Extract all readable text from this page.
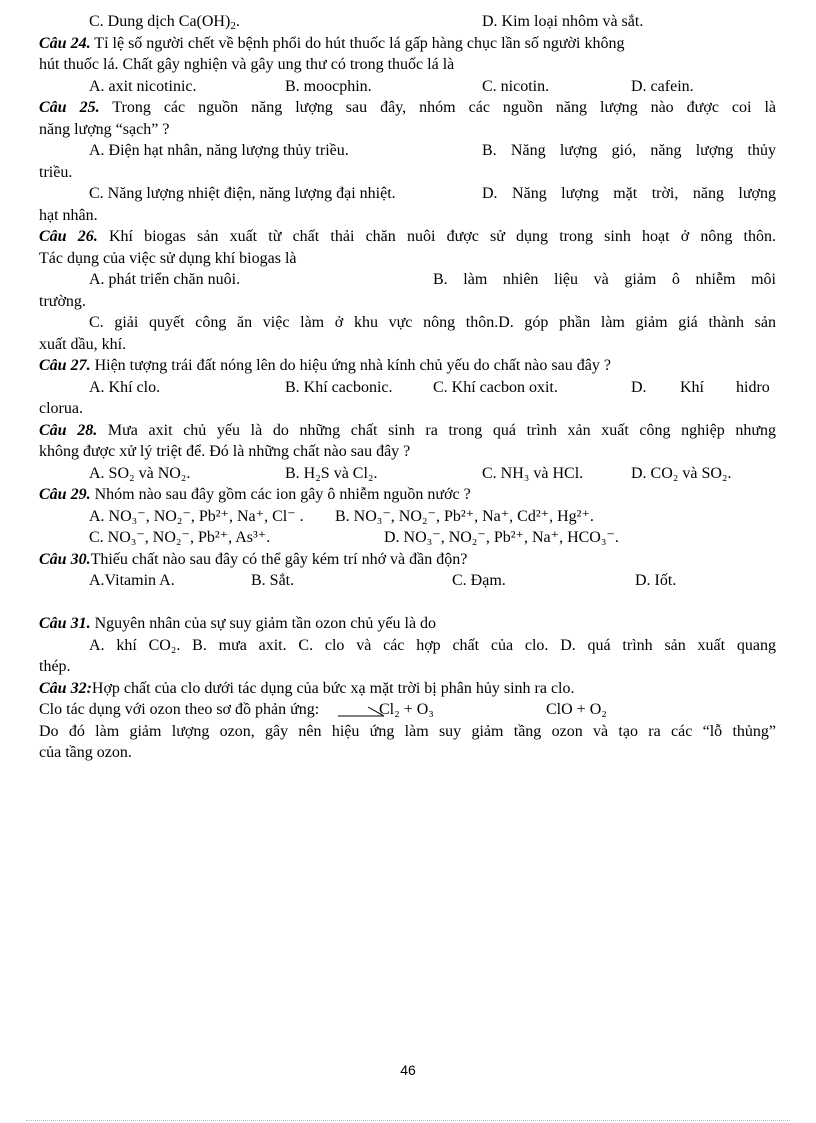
C. Dung dịch $Ca(OH)_2$.	D. Kim loại nhôm và sắt.
Câu 24. Tỉ lệ số người chết về bệnh phổi do hút thuốc lá gấp hàng chục lần số người không
hút thuốc lá. Chất gây nghiện và gây ung thư có trong thuốc lá là
A. axit nicotinic.	B. moocphin.	C. nicotin.	D. cafein.
Câu 25. Trong các nguồn năng lượng sau đây, nhóm các nguồn năng lượng nào được coi là
năng lượng “sạch” ?
A. Điện hạt nhân, năng lượng thủy triều.	B. Năng lượng gió, năng lượng thủy
triều.
C. Năng lượng nhiệt điện, năng lượng đại nhiệt.	D. Năng lượng mặt trời, năng lượng
hạt nhân.
Câu 26. Khí biogas sản xuất từ chất thải chăn nuôi được sử dụng trong sinh hoạt ở nông thôn.
Tác dụng của việc sử dụng khí biogas là
A. phát triển chăn nuôi.	B. làm nhiên liệu và giảm ô nhiễm môi
trường.
C. giải quyết công ăn việc làm ở khu vực nông thôn.D. góp phần làm giảm giá thành sản
xuất dầu, khí.
Câu 27. Hiện tượng trái đất nóng lên do hiệu ứng nhà kính chủ yếu do chất nào sau đây ?
A. Khí clo.	B. Khí cacbonic.	C. Khí cacbon oxit.	D. Khí hidro
clorua.
Câu 28. Mưa axit chủ yếu là do những chất sinh ra trong quá trình xản xuất công nghiệp nhưng
không được xử lý triệt để. Đó là những chất nào sau đây ?
A. SO₂ và NO₂.	B. H₂S và Cl₂.	C. NH₃ và HCl.	D. CO₂ và SO₂.
Câu 29. Nhóm nào sau đây gồm các ion gây ô nhiễm nguồn nước ?
A. NO₃⁻, NO₂⁻, Pb²⁺, Na⁺, Cl⁻ . B. NO₃⁻, NO₂⁻, Pb²⁺, Na⁺, Cd²⁺, Hg²⁺.
C. NO₃⁻, NO₂⁻, Pb²⁺, As³⁺.	D. NO₃⁻, NO₂⁻, Pb²⁺, Na⁺, HCO₃⁻.
Câu 30.Thiếu chất nào sau đây có thể gây kém trí nhớ và đần độn?
A.Vitamin A.	B. Sắt.	C. Đạm.	D. Iốt.
Câu 31. Nguyên nhân của sự suy giảm tần ozon chủ yếu là do
A. khí CO₂. B. mưa axit. C. clo và các hợp chất của clo. D. quá trình sản xuất quang
thép.
Câu 32:Hợp chất của clo dưới tác dụng của bức xạ mặt trời bị phân hủy sinh ra clo.
Clo tác dụng với ozon theo sơ đồ phản ứng:	Cl₂ + O₃	ClO + O₂
Do đó làm giảm lượng ozon, gây nên hiệu ứng làm suy giảm tầng ozon và tạo ra các “lỗ thủng”
của tầng ozon.
46
